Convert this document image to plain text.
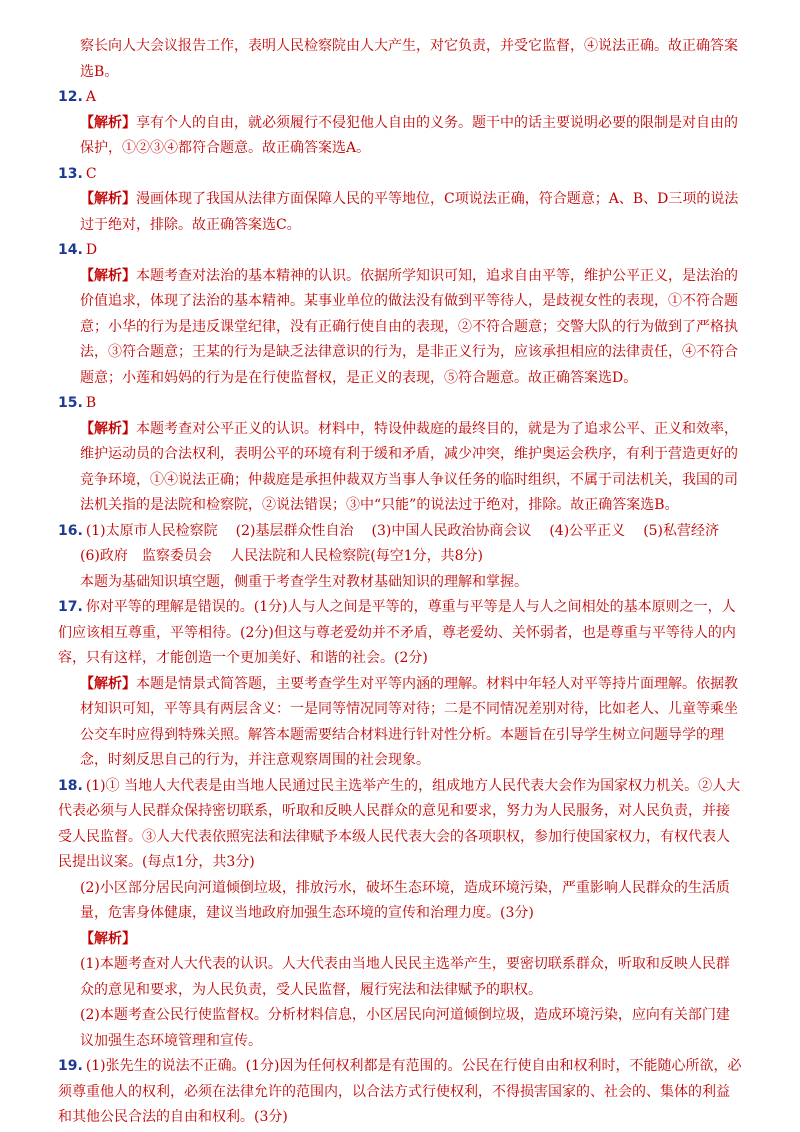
察长向人大会议报告工作，表明人民检察院由人大产生，对它负责，并受它监督，④说法正确。故正确答案选B。

12. A

【解析】享有个人的自由，就必须履行不侵犯他人自由的义务。题干中的话主要说明必要的限制是对自由的保护，①②③④都符合题意。故正确答案选A。

13. C

【解析】漫画体现了我国从法律方面保障人民的平等地位，C项说法正确，符合题意；A、B、D三项的说法过于绝对，排除。故正确答案选C。

14. D

【解析】本题考查对法治的基本精神的认识。依据所学知识可知，追求自由平等，维护公平正义，是法治的价值追求，体现了法治的基本精神。某事业单位的做法没有做到平等待人，是歧视女性的表现，①不符合题意；小华的行为是违反课堂纪律，没有正确行使自由的表现，②不符合题意；交警大队的行为做到了严格执法，③符合题意；王某的行为是缺乏法律意识的行为，是非正义行为，应该承担相应的法律责任，④不符合题意；小莲和妈妈的行为是在行使监督权，是正义的表现，⑤符合题意。故正确答案选D。

15. B

【解析】本题考查对公平正义的认识。材料中，特设仲裁庭的最终目的，就是为了追求公平、正义和效率，维护运动员的合法权利，表明公平的环境有利于缓和矛盾，减少冲突，维护奥运会秩序，有利于营造更好的竞争环境，①④说法正确；仲裁庭是承担仲裁双方当事人争议任务的临时组织，不属于司法机关，我国的司法机关指的是法院和检察院，②说法错误；③中“只能”的说法过于绝对，排除。故正确答案选B。

16. (1)太原市人民检察院 (2)基层群众性自治 (3)中国人民政治协商会议 (4)公平正义 (5)私营经济

(6)政府　监察委员会　 人民法院和人民检察院(每空1分，共8分)

本题为基础知识填空题，侧重于考查学生对教材基础知识的理解和掌握。

17. 你对平等的理解是错误的。(1分)人与人之间是平等的，尊重与平等是人与人之间相处的基本原则之一，人们应该相互尊重，平等相待。(2分)但这与尊老爱幼并不矛盾，尊老爱幼、关怀弱者，也是尊重与平等待人的内容，只有这样，才能创造一个更加美好、和谐的社会。(2分)

【解析】本题是情景式简答题，主要考查学生对平等内涵的理解。材料中年轻人对平等持片面理解。依据教材知识可知，平等具有两层含义：一是同等情况同等对待；二是不同情况差别对待，比如老人、儿童等乘坐公交车时应得到特殊关照。解答本题需要结合材料进行针对性分析。本题旨在引导学生树立问题导学的理念，时刻反思自己的行为，并注意观察周围的社会现象。

18. (1)① 当地人大代表是由当地人民通过民主选举产生的，组成地方人民代表大会作为国家权力机关。②人大代表必须与人民群众保持密切联系，听取和反映人民群众的意见和要求，努力为人民服务，对人民负责，并接受人民监督。③人大代表依照宪法和法律赋予本级人民代表大会的各项职权，参加行使国家权力，有权代表人民提出议案。(每点1分，共3分)

(2)小区部分居民向河道倾倒垃圾，排放污水，破坏生态环境，造成环境污染，严重影响人民群众的生活质量，危害身体健康，建议当地政府加强生态环境的宣传和治理力度。(3分)

【解析】

(1)本题考查对人大代表的认识。人大代表由当地人民民主选举产生，要密切联系群众，听取和反映人民群众的意见和要求，为人民负责，受人民监督，履行宪法和法律赋予的职权。

(2)本题考查公民行使监督权。分析材料信息，小区居民向河道倾倒垃圾，造成环境污染，应向有关部门建议加强生态环境管理和宣传。

19. (1)张先生的说法不正确。(1分)因为任何权利都是有范围的。公民在行使自由和权利时，不能随心所欲，必须尊重他人的权利，必须在法律允许的范围内，以合法方式行使权利，不得损害国家的、社会的、集体的利益和其他公民合法的自由和权利。(3分)
